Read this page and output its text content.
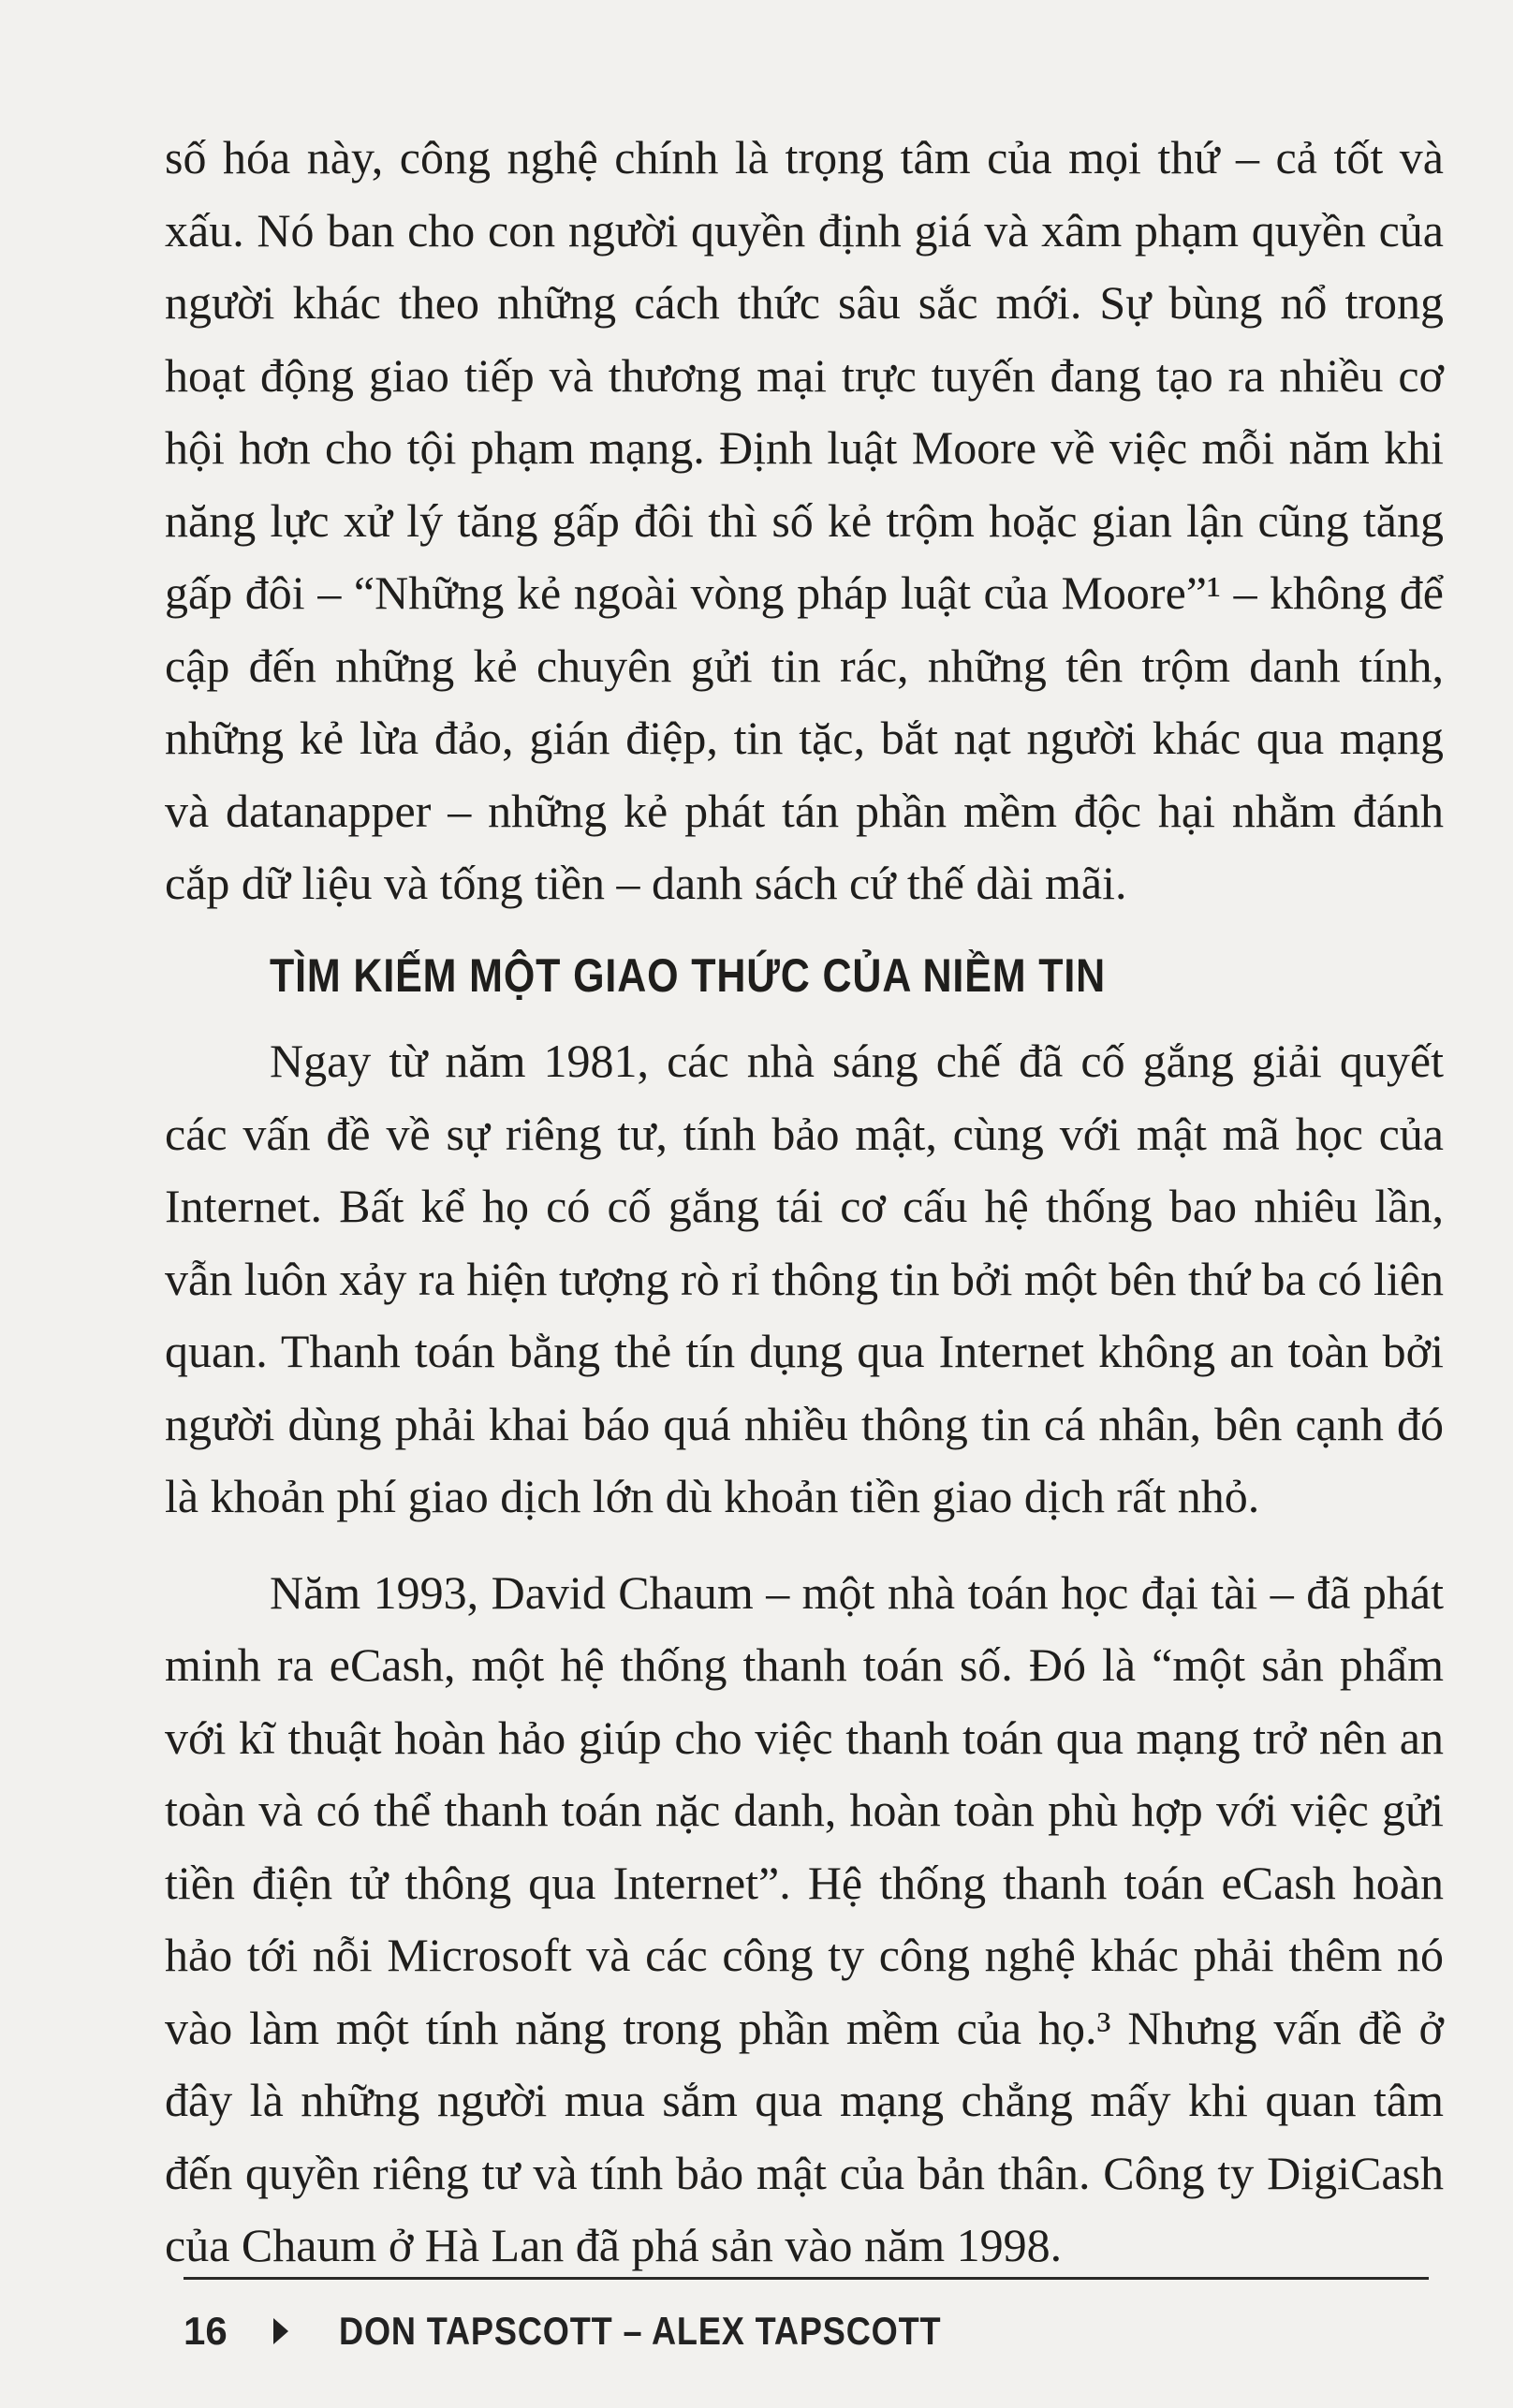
số hóa này, công nghệ chính là trọng tâm của mọi thứ – cả tốt và xấu. Nó ban cho con người quyền định giá và xâm phạm quyền của người khác theo những cách thức sâu sắc mới. Sự bùng nổ trong hoạt động giao tiếp và thương mại trực tuyến đang tạo ra nhiều cơ hội hơn cho tội phạm mạng. Định luật Moore về việc mỗi năm khi năng lực xử lý tăng gấp đôi thì số kẻ trộm hoặc gian lận cũng tăng gấp đôi – “Những kẻ ngoài vòng pháp luật của Moore”¹ – không để cập đến những kẻ chuyên gửi tin rác, những tên trộm danh tính, những kẻ lừa đảo, gián điệp, tin tặc, bắt nạt người khác qua mạng và datanapper – những kẻ phát tán phần mềm độc hại nhằm đánh cắp dữ liệu và tống tiền – danh sách cứ thế dài mãi.

TÌM KIẾM MỘT GIAO THỨC CỦA NIỀM TIN

Ngay từ năm 1981, các nhà sáng chế đã cố gắng giải quyết các vấn đề về sự riêng tư, tính bảo mật, cùng với mật mã học của Internet. Bất kể họ có cố gắng tái cơ cấu hệ thống bao nhiêu lần, vẫn luôn xảy ra hiện tượng rò rỉ thông tin bởi một bên thứ ba có liên quan. Thanh toán bằng thẻ tín dụng qua Internet không an toàn bởi người dùng phải khai báo quá nhiều thông tin cá nhân, bên cạnh đó là khoản phí giao dịch lớn dù khoản tiền giao dịch rất nhỏ.

Năm 1993, David Chaum – một nhà toán học đại tài – đã phát minh ra eCash, một hệ thống thanh toán số. Đó là “một sản phẩm với kĩ thuật hoàn hảo giúp cho việc thanh toán qua mạng trở nên an toàn và có thể thanh toán nặc danh, hoàn toàn phù hợp với việc gửi tiền điện tử thông qua Internet”. Hệ thống thanh toán eCash hoàn hảo tới nỗi Microsoft và các công ty công nghệ khác phải thêm nó vào làm một tính năng trong phần mềm của họ.³ Nhưng vấn đề ở đây là những người mua sắm qua mạng chẳng mấy khi quan tâm đến quyền riêng tư và tính bảo mật của bản thân. Công ty DigiCash của Chaum ở Hà Lan đã phá sản vào năm 1998.

16	DON TAPSCOTT – ALEX TAPSCOTT
